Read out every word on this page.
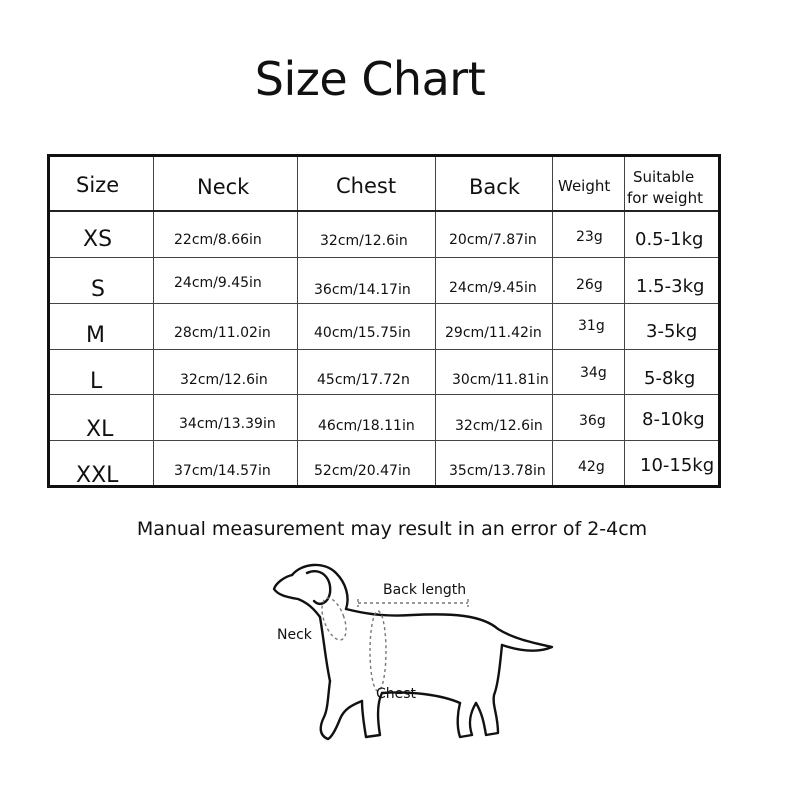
Size Chart
Size	Neck	Chest	Back	Weight Suitable
for weight
XS	22cm/8.66in	32cm/12.6in	20cm/7.87in	23g 0.5-1kg
S	24cm/9.45in	36cm/14.17in	24cm/9.45in	26g 1.5-3kg
M	28cm/11.02in	40cm/15.75in 29cm/11.42in	31g 3-5kg
L	32cm/12.6in	45cm/17.72n	30cm/11.81in 34g 5-8kg
XL	34cm/13.39in	46cm/18.11in	32cm/12.6in	36g 8-10kg
XXL	37cm/14.57in	52cm/20.47in	35cm/13.78in 42g 10-15kg
Manual measurement may result in an error of 2-4cm
Back length
Neck
Chest
